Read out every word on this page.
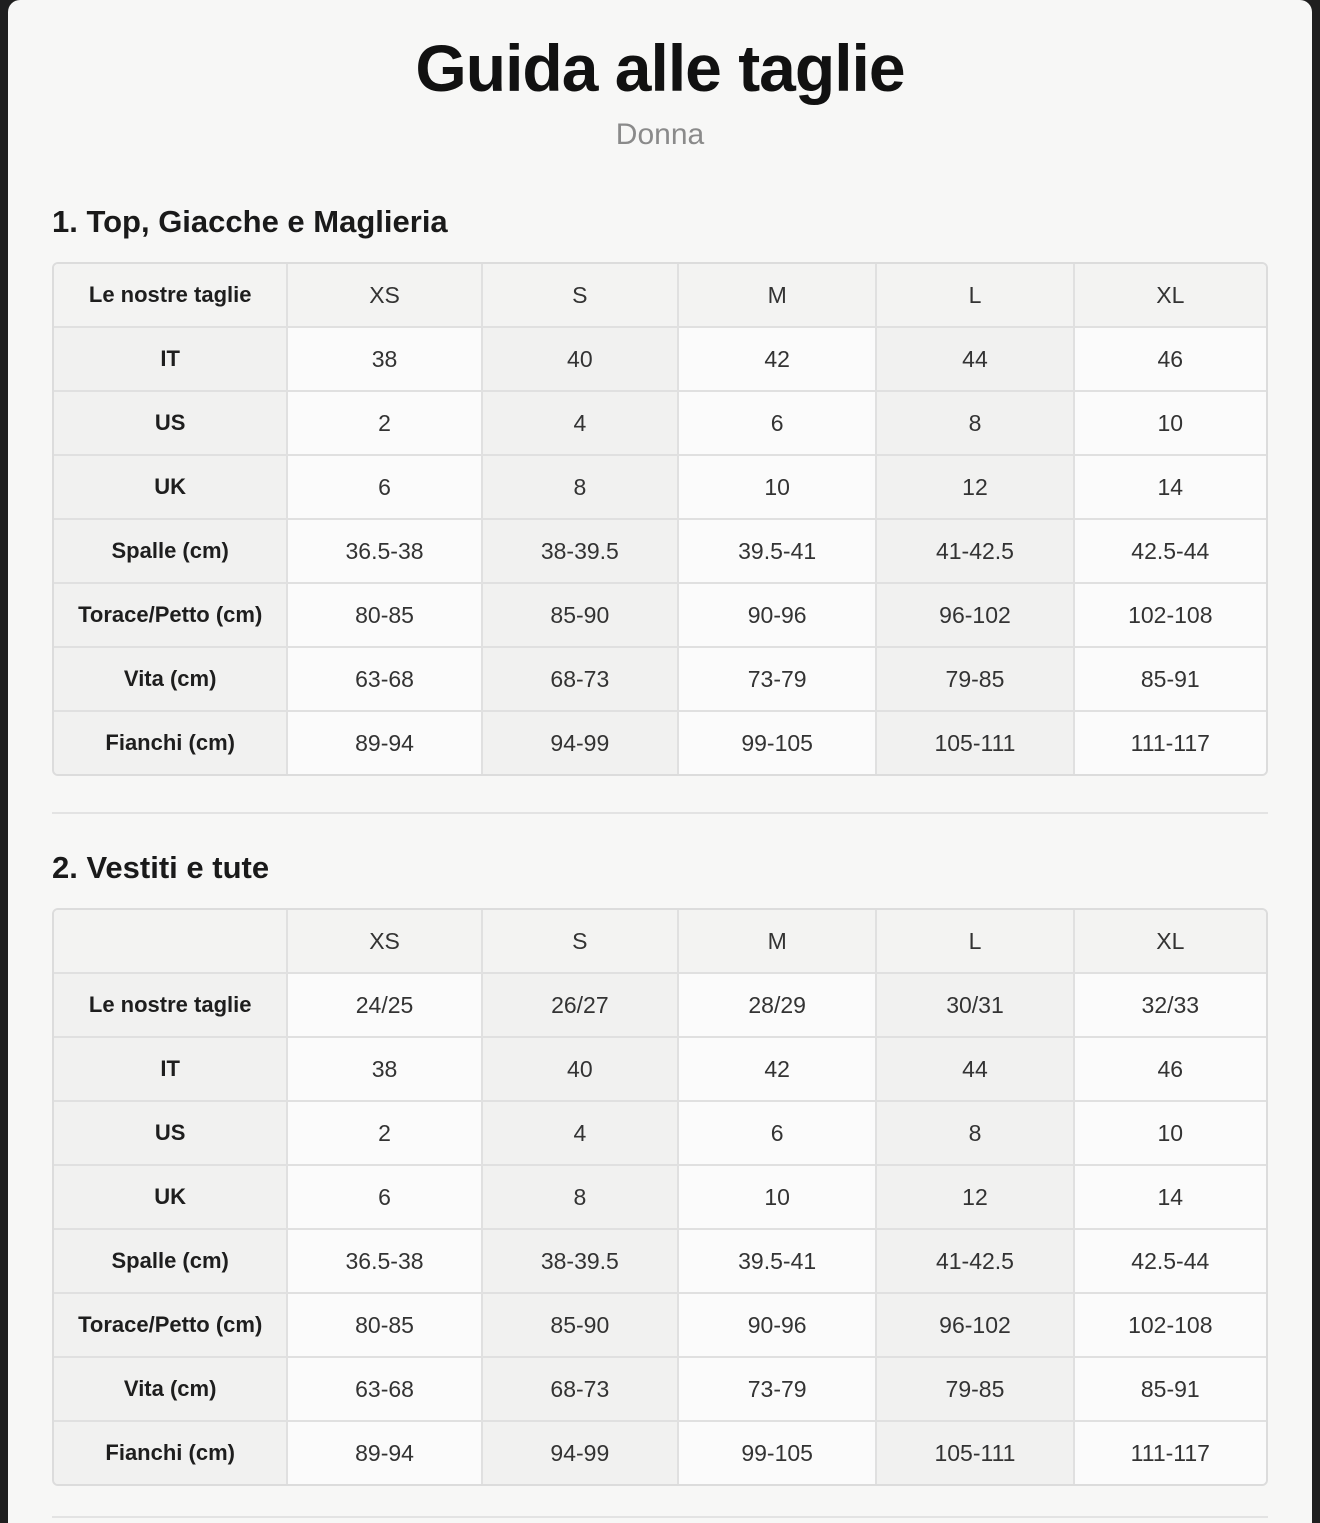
Guida alle taglie
Donna
1. Top, Giacche e Maglieria
Le nostre taglie	XS	S	M	L	XL
IT	38	40	42	44	46
US	2	4	6	8	10
UK	6	8	10	12	14
Spalle (cm)	36.5-38	38-39.5	39.5-41	41-42.5	42.5-44
Torace/Petto (cm)	80-85	85-90	90-96	96-102	102-108
Vita (cm)	63-68	68-73	73-79	79-85	85-91
Fianchi (cm)	89-94	94-99	99-105	105-111	111-117
2. Vestiti e tute
	XS	S	M	L	XL
Le nostre taglie	24/25	26/27	28/29	30/31	32/33
IT	38	40	42	44	46
US	2	4	6	8	10
UK	6	8	10	12	14
Spalle (cm)	36.5-38	38-39.5	39.5-41	41-42.5	42.5-44
Torace/Petto (cm)	80-85	85-90	90-96	96-102	102-108
Vita (cm)	63-68	68-73	73-79	79-85	85-91
Fianchi (cm)	89-94	94-99	99-105	105-111	111-117
